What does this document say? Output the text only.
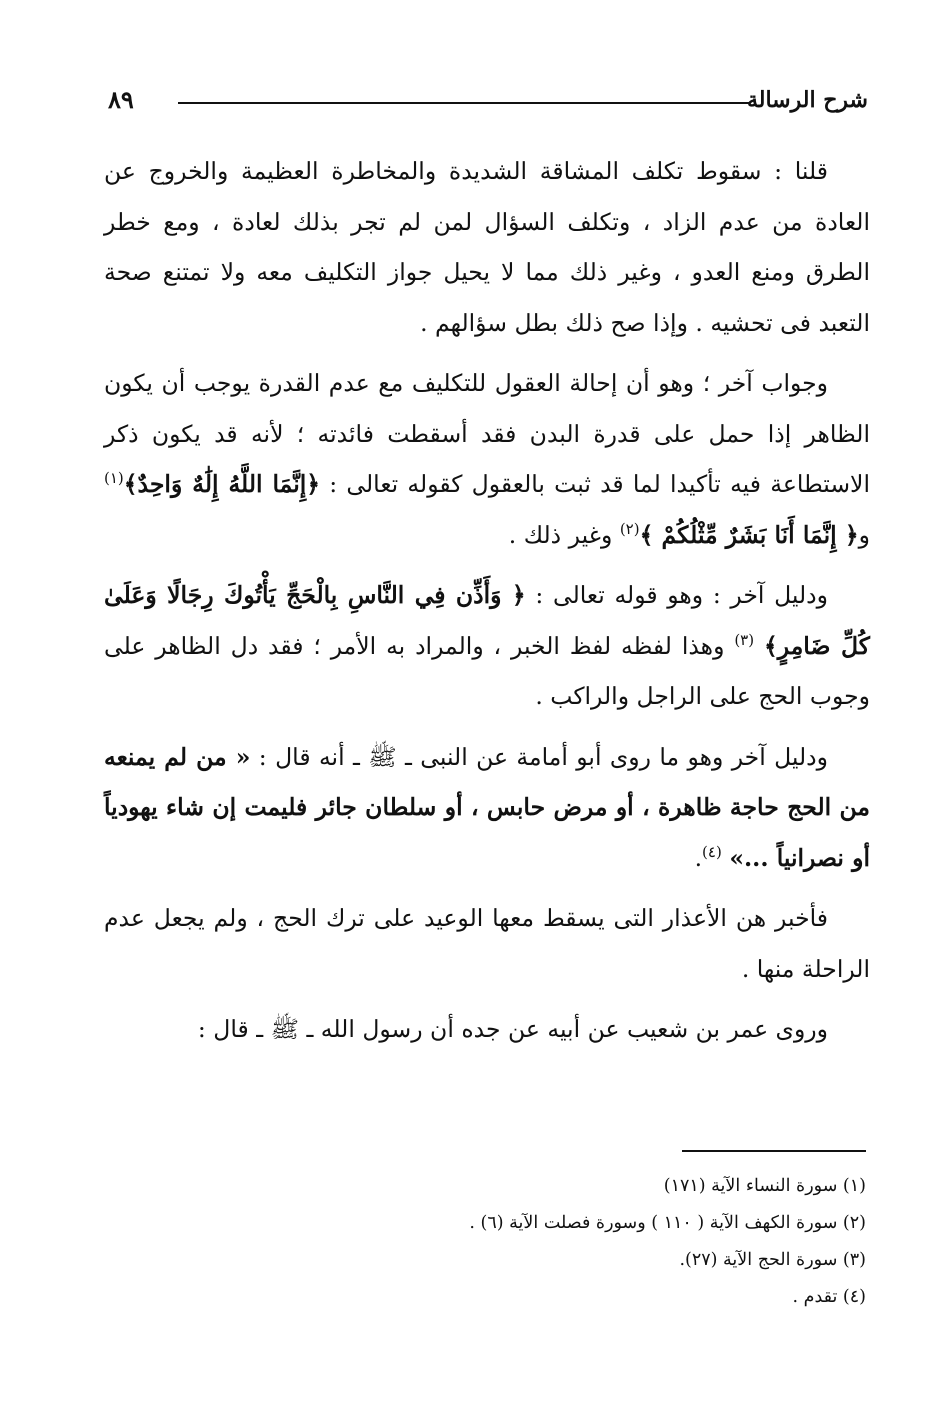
شرح الرسالة
٨٩

قلنا : سقوط تكلف المشاقة الشديدة والمخاطرة العظيمة والخروج عن العادة من عدم الزاد ، وتكلف السؤال لمن لم تجر بذلك لعادة ، ومع خطر الطرق ومنع العدو ، وغير ذلك مما لا يحيل جواز التكليف معه ولا تمتنع صحة التعبد فى تحشيه . وإذا صح ذلك بطل سؤالهم .

وجواب آخر ؛ وهو أن إحالة العقول للتكليف مع عدم القدرة يوجب أن يكون الظاهر إذا حمل على قدرة البدن فقد أسقطت فائدته ؛ لأنه قد يكون ذكر الاستطاعة فيه تأكيدا لما قد ثبت بالعقول كقوله تعالى : ﴿إِنَّمَا اللَّهُ إِلَٰهٌ وَاحِدٌ﴾$^{(١)}$ و﴿ إِنَّمَا أَنَا بَشَرٌ مِّثْلُكُمْ ﴾$^{(٢)}$ وغير ذلك .

ودليل آخر : وهو قوله تعالى : ﴿ وَأَذِّن فِي النَّاسِ بِالْحَجِّ يَأْتُوكَ رِجَالًا وَعَلَىٰ كُلِّ ضَامِرٍ﴾ $^{(٣)}$ وهذا لفظه لفظ الخبر ، والمراد به الأمر ؛ فقد دل الظاهر على وجوب الحج على الراجل والراكب .

ودليل آخر وهو ما روى أبو أمامة عن النبى ـ ﷺ ـ أنه قال : « من لم يمنعه من الحج حاجة ظاهرة ، أو مرض حابس ، أو سلطان جائر فليمت إن شاء يهودياً أو نصرانياً ...» $^{(٤)}$.

فأخبر هن الأعذار التى يسقط معها الوعيد على ترك الحج ، ولم يجعل عدم الراحلة منها .

وروى عمر بن شعيب عن أبيه عن جده أن رسول الله ـ ﷺ ـ قال :

(١) سورة النساء الآية (١٧١)
(٢) سورة الكهف الآية ( ١١٠ ) وسورة فصلت الآية (٦) .
(٣) سورة الحج الآية (٢٧).
(٤) تقدم .
